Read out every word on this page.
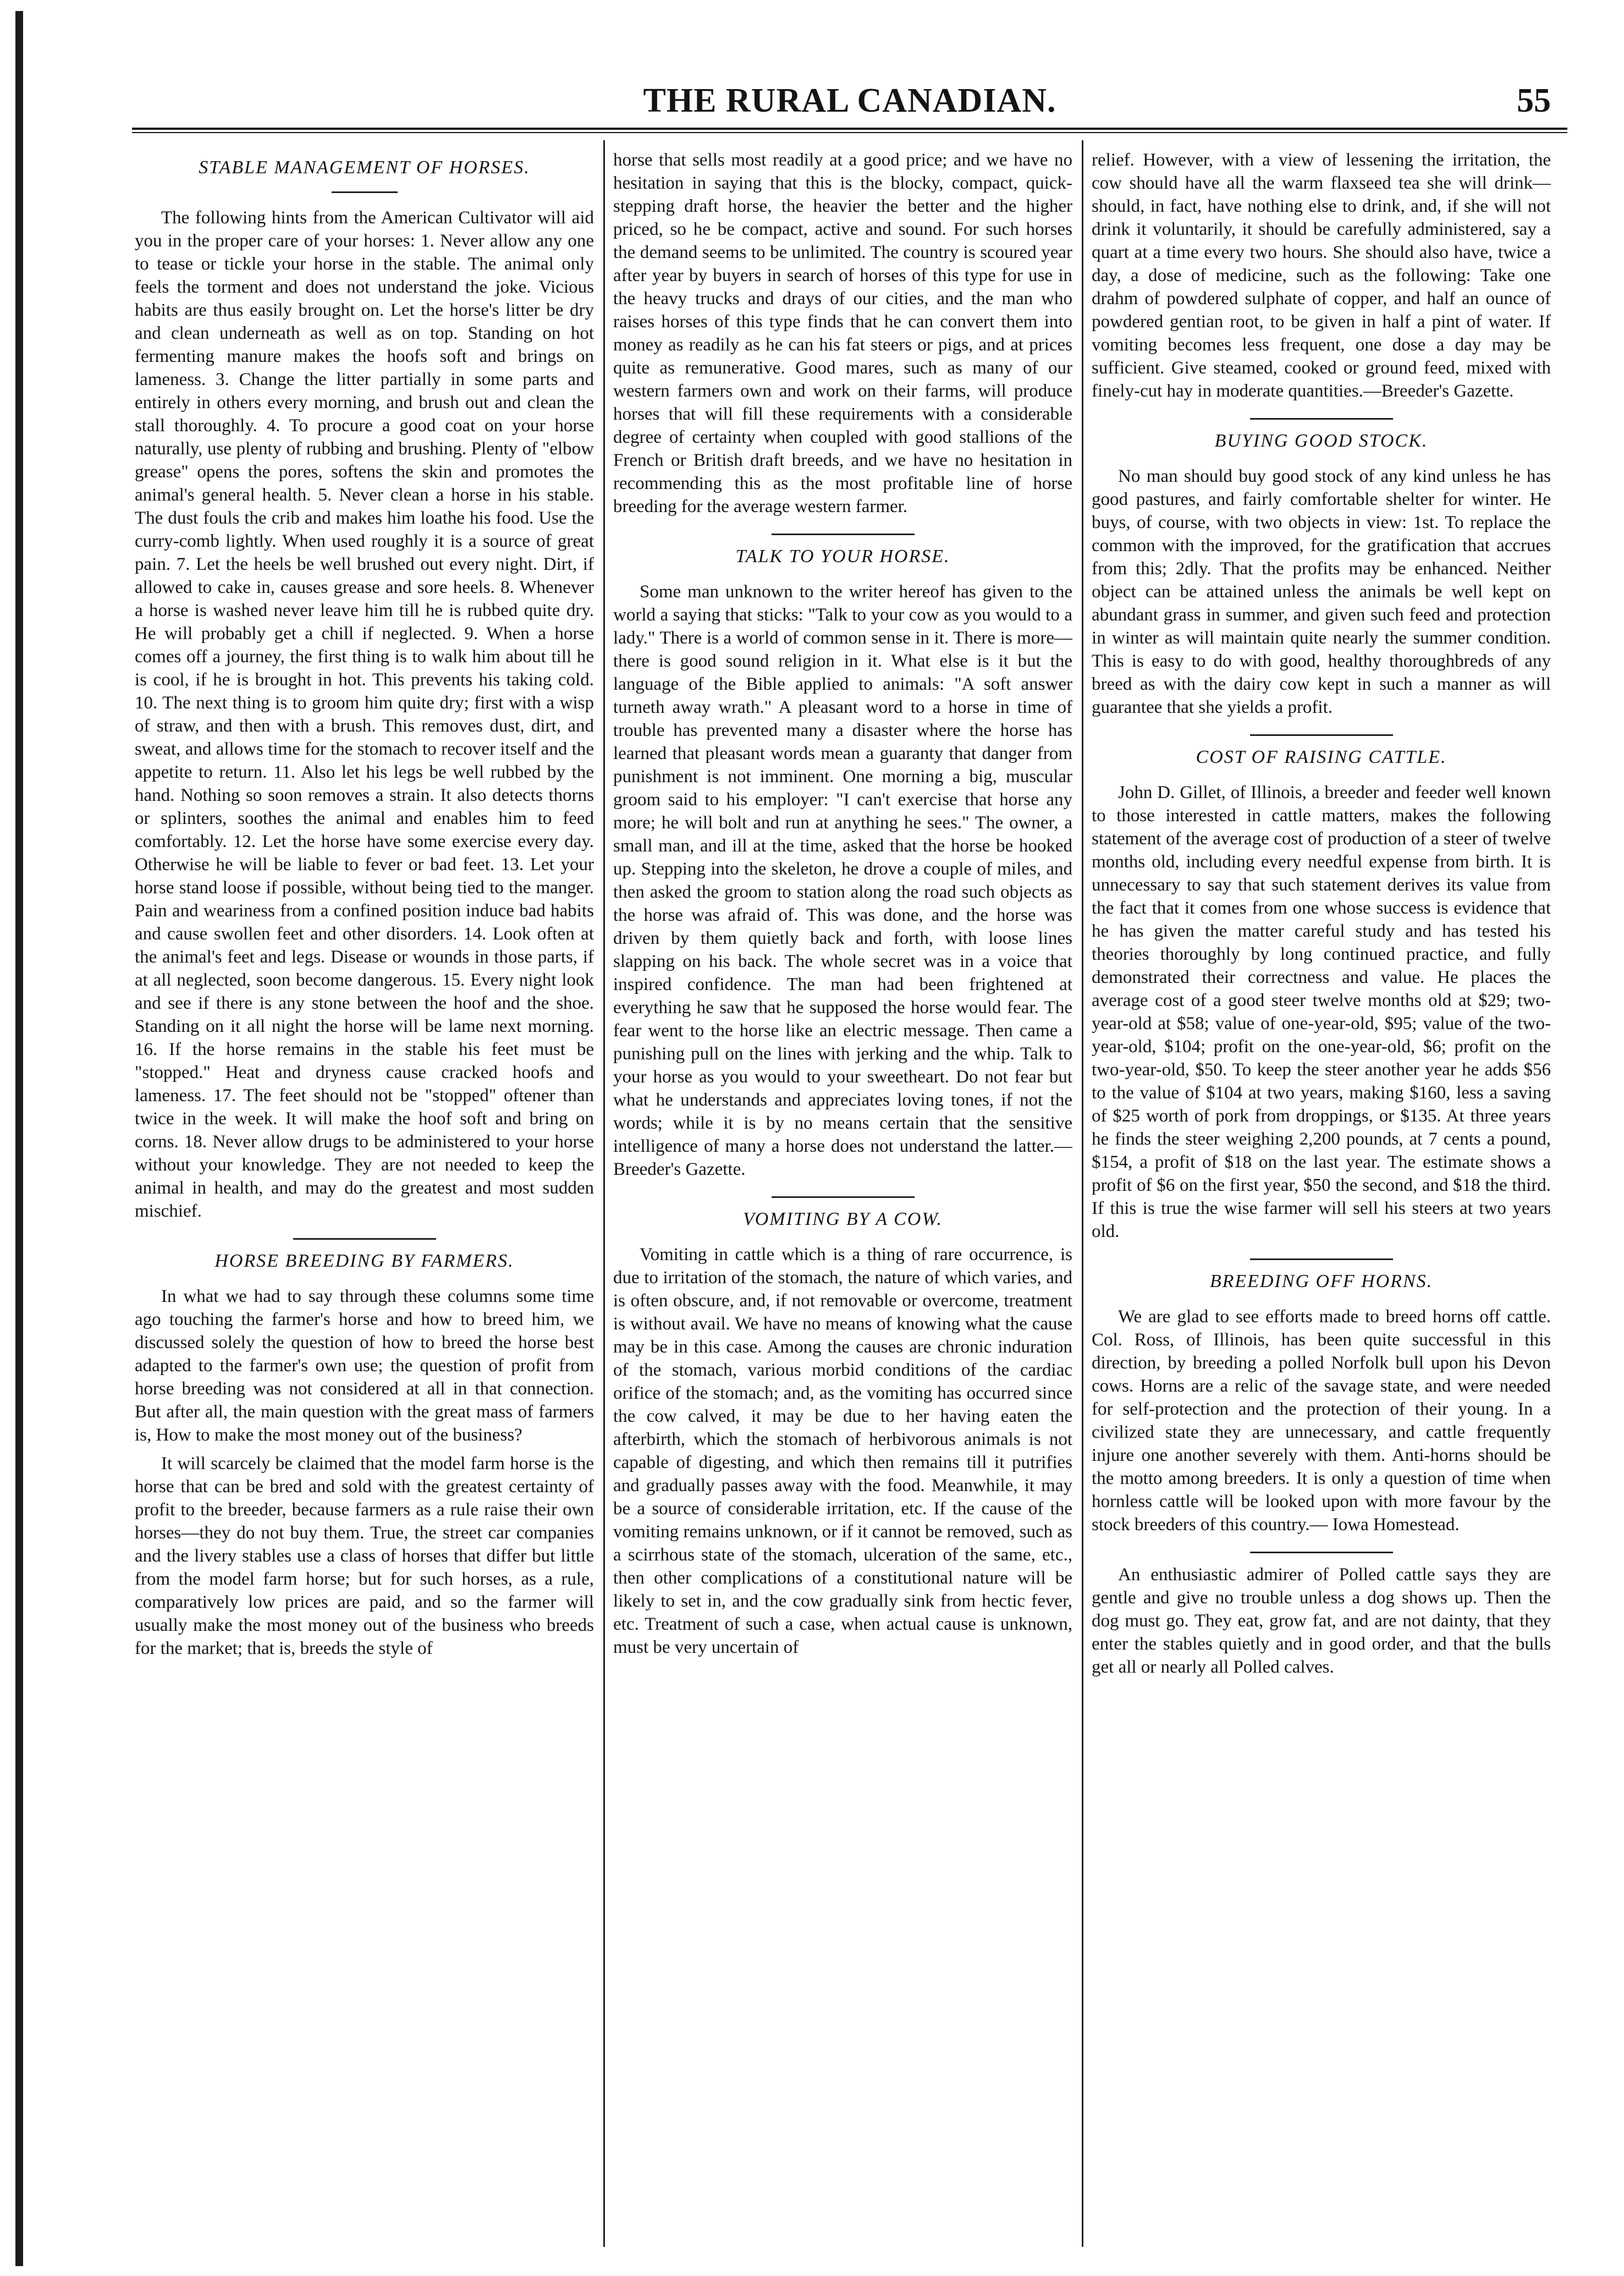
THE RURAL CANADIAN.	55
STABLE MANAGEMENT OF HORSES.

The following hints from the American Cultivator will aid you in the proper care of your horses: 1. Never allow any one to tease or tickle your horse in the stable. The animal only feels the torment and does not understand the joke. Vicious habits are thus easily brought on. Let the horse's litter be dry and clean underneath as well as on top. Standing on hot fermenting manure makes the hoofs soft and brings on lameness. 3. Change the litter partially in some parts and entirely in others every morning, and brush out and clean the stall thoroughly. 4. To procure a good coat on your horse naturally, use plenty of rubbing and brushing. Plenty of "elbow grease" opens the pores, softens the skin and promotes the animal's general health. 5. Never clean a horse in his stable. The dust fouls the crib and makes him loathe his food. Use the curry-comb lightly. When used roughly it is a source of great pain. 7. Let the heels be well brushed out every night. Dirt, if allowed to cake in, causes grease and sore heels. 8. Whenever a horse is washed never leave him till he is rubbed quite dry. He will probably get a chill if neglected. 9. When a horse comes off a journey, the first thing is to walk him about till he is cool, if he is brought in hot. This prevents his taking cold. 10. The next thing is to groom him quite dry; first with a wisp of straw, and then with a brush. This removes dust, dirt, and sweat, and allows time for the stomach to recover itself and the appetite to return. 11. Also let his legs be well rubbed by the hand. Nothing so soon removes a strain. It also detects thorns or splinters, soothes the animal and enables him to feed comfortably. 12. Let the horse have some exercise every day. Otherwise he will be liable to fever or bad feet. 13. Let your horse stand loose if possible, without being tied to the manger. Pain and weariness from a confined position induce bad habits and cause swollen feet and other disorders. 14. Look often at the animal's feet and legs. Disease or wounds in those parts, if at all neglected, soon become dangerous. 15. Every night look and see if there is any stone between the hoof and the shoe. Standing on it all night the horse will be lame next morning. 16. If the horse remains in the stable his feet must be "stopped." Heat and dryness cause cracked hoofs and lameness. 17. The feet should not be "stopped" oftener than twice in the week. It will make the hoof soft and bring on corns. 18. Never allow drugs to be administered to your horse without your knowledge. They are not needed to keep the animal in health, and may do the greatest and most sudden mischief.

HORSE BREEDING BY FARMERS.

In what we had to say through these columns some time ago touching the farmer's horse and how to breed him, we discussed solely the question of how to breed the horse best adapted to the farmer's own use; the question of profit from horse breeding was not considered at all in that connection. But after all, the main question with the great mass of farmers is, How to make the most money out of the business?

It will scarcely be claimed that the model farm horse is the horse that can be bred and sold with the greatest certainty of profit to the breeder, because farmers as a rule raise their own horses—they do not buy them. True, the street car companies and the livery stables use a class of horses that differ but little from the model farm horse; but for such horses, as a rule, comparatively low prices are paid, and so the farmer will usually make the most money out of the business who breeds for the market; that is, breeds the style of

horse that sells most readily at a good price; and we have no hesitation in saying that this is the blocky, compact, quick-stepping draft horse, the heavier the better and the higher priced, so he be compact, active and sound. For such horses the demand seems to be unlimited. The country is scoured year after year by buyers in search of horses of this type for use in the heavy trucks and drays of our cities, and the man who raises horses of this type finds that he can convert them into money as readily as he can his fat steers or pigs, and at prices quite as remunerative. Good mares, such as many of our western farmers own and work on their farms, will produce horses that will fill these requirements with a considerable degree of certainty when coupled with good stallions of the French or British draft breeds, and we have no hesitation in recommending this as the most profitable line of horse breeding for the average western farmer.

TALK TO YOUR HORSE.

Some man unknown to the writer hereof has given to the world a saying that sticks: "Talk to your cow as you would to a lady." There is a world of common sense in it. There is more—there is good sound religion in it. What else is it but the language of the Bible applied to animals: "A soft answer turneth away wrath." A pleasant word to a horse in time of trouble has prevented many a disaster where the horse has learned that pleasant words mean a guaranty that danger from punishment is not imminent. One morning a big, muscular groom said to his employer: "I can't exercise that horse any more; he will bolt and run at anything he sees." The owner, a small man, and ill at the time, asked that the horse be hooked up. Stepping into the skeleton, he drove a couple of miles, and then asked the groom to station along the road such objects as the horse was afraid of. This was done, and the horse was driven by them quietly back and forth, with loose lines slapping on his back. The whole secret was in a voice that inspired confidence. The man had been frightened at everything he saw that he supposed the horse would fear. The fear went to the horse like an electric message. Then came a punishing pull on the lines with jerking and the whip. Talk to your horse as you would to your sweetheart. Do not fear but what he understands and appreciates loving tones, if not the words; while it is by no means certain that the sensitive intelligence of many a horse does not understand the latter.— Breeder's Gazette.

VOMITING BY A COW.

Vomiting in cattle which is a thing of rare occurrence, is due to irritation of the stomach, the nature of which varies, and is often obscure, and, if not removable or overcome, treatment is without avail. We have no means of knowing what the cause may be in this case. Among the causes are chronic induration of the stomach, various morbid conditions of the cardiac orifice of the stomach; and, as the vomiting has occurred since the cow calved, it may be due to her having eaten the afterbirth, which the stomach of herbivorous animals is not capable of digesting, and which then remains till it putrifies and gradually passes away with the food. Meanwhile, it may be a source of considerable irritation, etc. If the cause of the vomiting remains unknown, or if it cannot be removed, such as a scirrhous state of the stomach, ulceration of the same, etc., then other complications of a constitutional nature will be likely to set in, and the cow gradually sink from hectic fever, etc. Treatment of such a case, when actual cause is unknown, must be very uncertain of

relief. However, with a view of lessening the irritation, the cow should have all the warm flaxseed tea she will drink—should, in fact, have nothing else to drink, and, if she will not drink it voluntarily, it should be carefully administered, say a quart at a time every two hours. She should also have, twice a day, a dose of medicine, such as the following: Take one drahm of powdered sulphate of copper, and half an ounce of powdered gentian root, to be given in half a pint of water. If vomiting becomes less frequent, one dose a day may be sufficient. Give steamed, cooked or ground feed, mixed with finely-cut hay in moderate quantities.—Breeder's Gazette.

BUYING GOOD STOCK.

No man should buy good stock of any kind unless he has good pastures, and fairly comfortable shelter for winter. He buys, of course, with two objects in view: 1st. To replace the common with the improved, for the gratification that accrues from this; 2dly. That the profits may be enhanced. Neither object can be attained unless the animals be well kept on abundant grass in summer, and given such feed and protection in winter as will maintain quite nearly the summer condition. This is easy to do with good, healthy thoroughbreds of any breed as with the dairy cow kept in such a manner as will guarantee that she yields a profit.

COST OF RAISING CATTLE.

John D. Gillet, of Illinois, a breeder and feeder well known to those interested in cattle matters, makes the following statement of the average cost of production of a steer of twelve months old, including every needful expense from birth. It is unnecessary to say that such statement derives its value from the fact that it comes from one whose success is evidence that he has given the matter careful study and has tested his theories thoroughly by long continued practice, and fully demonstrated their correctness and value. He places the average cost of a good steer twelve months old at $29; two-year-old at $58; value of one-year-old, $95; value of the two-year-old, $104; profit on the one-year-old, $6; profit on the two-year-old, $50. To keep the steer another year he adds $56 to the value of $104 at two years, making $160, less a saving of $25 worth of pork from droppings, or $135. At three years he finds the steer weighing 2,200 pounds, at 7 cents a pound, $154, a profit of $18 on the last year. The estimate shows a profit of $6 on the first year, $50 the second, and $18 the third. If this is true the wise farmer will sell his steers at two years old.

BREEDING OFF HORNS.

We are glad to see efforts made to breed horns off cattle. Col. Ross, of Illinois, has been quite successful in this direction, by breeding a polled Norfolk bull upon his Devon cows. Horns are a relic of the savage state, and were needed for self-protection and the protection of their young. In a civilized state they are unnecessary, and cattle frequently injure one another severely with them. Anti-horns should be the motto among breeders. It is only a question of time when hornless cattle will be looked upon with more favour by the stock breeders of this country.— Iowa Homestead.

An enthusiastic admirer of Polled cattle says they are gentle and give no trouble unless a dog shows up. Then the dog must go. They eat, grow fat, and are not dainty, that they enter the stables quietly and in good order, and that the bulls get all or nearly all Polled calves.
